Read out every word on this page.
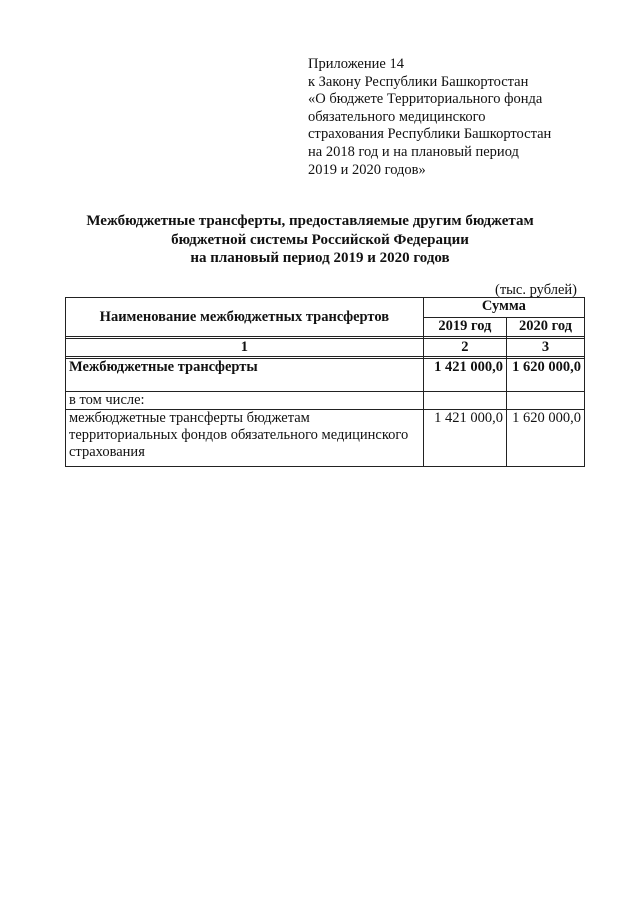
Приложение 14
к Закону Республики Башкортостан
«О бюджете Территориального фонда
обязательного медицинского
страхования Республики Башкортостан
на 2018 год и на плановый период
2019 и 2020 годов»
Межбюджетные трансферты, предоставляемые другим бюджетам
бюджетной системы Российской Федерации
на плановый период 2019 и 2020 годов
(тыс. рублей)
Наименование межбюджетных трансфертов	Сумма	
	2019 год	2020 год

1	2	3

Межбюджетные трансферты	1 421 000,0	1 620 000,0
в том числе:		
межбюджетные трансферты бюджетам территориальных фондов обязательного медицинского страхования	1 421 000,0	1 620 000,0
